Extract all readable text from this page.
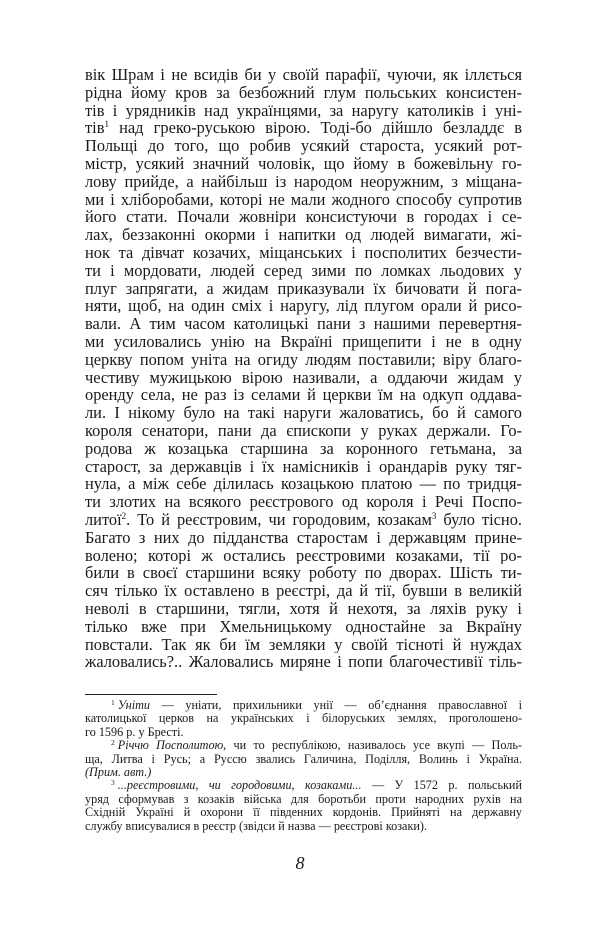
вік Шрам і не всидів би у своїй парафії, чуючи, як іллється
рідна йому кров за безбожний глум польських консистен-
тів і урядників над українцями, за наругу католиків і уні-
тів$^1$ над греко-руською вірою. Тоді-бо дійшло безладдє в
Польщі до того, що робив усякий староста, усякий рот-
містр, усякий значний чоловік, що йому в божевільну го-
лову прийде, а найбільш із народом неоружним, з міщана-
ми і хліборобами, которі не мали жодного способу супротив
його стати. Почали жовніри консистуючи в городах і се-
лах, беззаконні окорми і напитки од людей вимагати, жі-
нок та дівчат козачих, міщанських і посполитих безчести-
ти і мордовати, людей серед зими по ломках льодових у
плуг запрягати, а жидам приказували їх бичовати й пога-
няти, щоб, на один сміх і наругу, лід плугом орали й рисо-
вали. А тим часом католицькі пани з нашими перевертня-
ми усиловались унію на Вкраїні прищепити і не в одну
церкву попом уніта на огиду людям поставили; віру благо-
честиву мужицькою вірою називали, а оддаючи жидам у
оренду села, не раз із селами й церкви їм на одкуп оддава-
ли. І нікому було на такі наруги жаловатись, бо й самого
короля сенатори, пани да єпископи у руках держали. Го-
родова ж козацька старшина за коронного гетьмана, за
старост, за державців і їх намісників і орандарів руку тяг-
нула, а між себе ділилась козацькою платою — по тридця-
ти злотих на всякого реєстрового од короля і Речі Поспо-
литої$^2$. То й реєстровим, чи городовим, козакам$^3$ було тісно.
Багато з них до підданства старостам і державцям прине-
волено; которі ж остались реєстровими козаками, тії ро-
били в своєї старшини всяку роботу по дворах. Шість ти-
сяч тілько їх оставлено в реєстрі, да й тії, бувши в великій
неволі в старшини, тягли, хотя й нехотя, за ляхів руку і
тілько вже при Хмельницькому одностайне за Вкраїну
повстали. Так як би їм земляки у своїй тісноті й нуждах
жаловались?.. Жаловались миряне і попи благочестивії тіль-
$^1$ Уніти — уніати, прихильники унії — об’єднання православної і
католицької церков на українських і білоруських землях, проголошено-
го 1596 р. у Бресті.
$^2$ Річчю Посполитою, чи то республікою, називалось усе вкупі — Поль-
ща, Литва і Русь; а Руссю звались Галичина, Поділля, Волинь і Україна.
(Прим. авт.)
$^3$ ...реєстровими, чи городовими, козаками... — У 1572 р. польський
уряд сформував з козаків війська для боротьби проти народних рухів на
Східній Україні й охорони її південних кордонів. Прийняті на державну
службу вписувалися в реєстр (звідси й назва — реєстрові козаки).
8
